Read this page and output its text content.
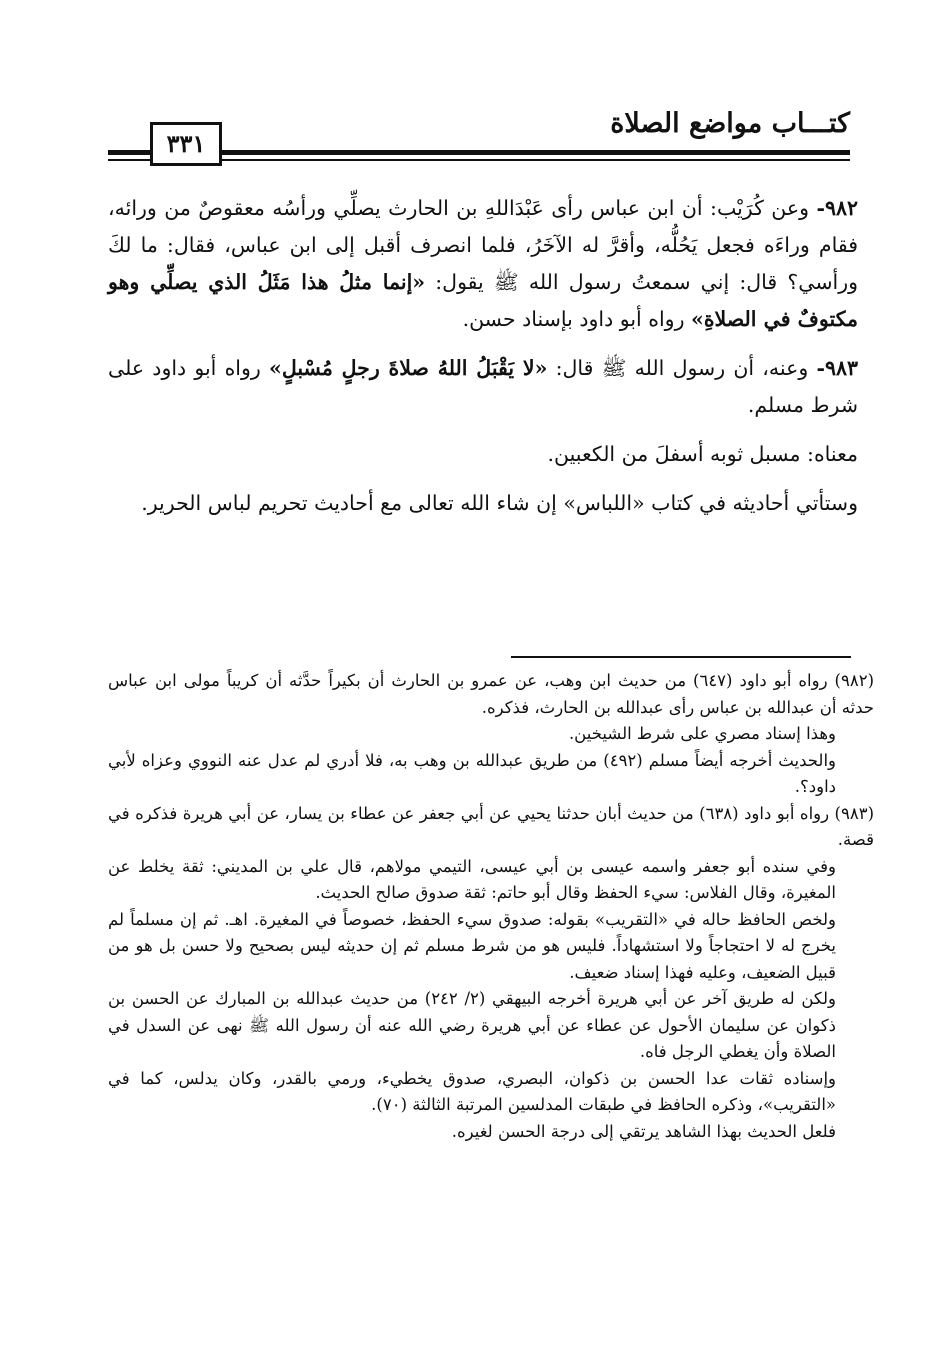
كتـــاب مواضع الصلاة
٣٣١

٩٨٢- وعن كُرَيْب: أن ابن عباس رأى عَبْدَاللهِ بن الحارث يصلِّي ورأسُه معقوصٌ من ورائه، فقام وراءَه فجعل يَحُلُّه، وأقرَّ له الآخَرُ، فلما انصرف أقبل إلى ابن عباس، فقال: ما لكَ ورأسي؟ قال: إني سمعتُ رسول الله ﷺ يقول: «إنما مثلُ هذا مَثَلُ الذي يصلِّي وهو مكتوفٌ في الصلاةِ» رواه أبو داود بإسناد حسن.

٩٨٣- وعنه، أن رسول الله ﷺ قال: «لا يَقْبَلُ اللهُ صلاةَ رجلٍ مُسْبلٍ» رواه أبو داود على شرط مسلم.

معناه: مسبل ثوبه أسفلَ من الكعبين.

وستأتي أحاديثه في كتاب «اللباس» إن شاء الله تعالى مع أحاديث تحريم لباس الحرير.

(٩٨٢) رواه أبو داود (٦٤٧) من حديث ابن وهب، عن عمرو بن الحارث أن بكيراً حدَّثه أن كريباً مولى ابن عباس حدثه أن عبدالله بن عباس رأى عبدالله بن الحارث، فذكره.

وهذا إسناد مصري على شرط الشيخين.

والحديث أخرجه أيضاً مسلم (٤٩٢) من طريق عبدالله بن وهب به، فلا أدري لم عدل عنه النووي وعزاه لأبي داود؟.

(٩٨٣) رواه أبو داود (٦٣٨) من حديث أبان حدثنا يحيي عن أبي جعفر عن عطاء بن يسار، عن أبي هريرة فذكره في قصة.

وفي سنده أبو جعفر واسمه عيسى بن أبي عيسى، التيمي مولاهم، قال علي بن المديني: ثقة يخلط عن المغيرة، وقال الفلاس: سيء الحفظ وقال أبو حاتم: ثقة صدوق صالح الحديث.

ولخص الحافظ حاله في «التقريب» بقوله: صدوق سيء الحفظ، خصوصاً في المغيرة. اهـ. ثم إن مسلماً لم يخرج له لا احتجاجاً ولا استشهاداً. فليس هو من شرط مسلم ثم إن حديثه ليس بصحيح ولا حسن بل هو من قبيل الضعيف، وعليه فهذا إسناد ضعيف.

ولكن له طريق آخر عن أبي هريرة أخرجه البيهقي (٢/ ٢٤٢) من حديث عبدالله بن المبارك عن الحسن بن ذكوان عن سليمان الأحول عن عطاء عن أبي هريرة رضي الله عنه أن رسول الله ﷺ نهى عن السدل في الصلاة وأن يغطي الرجل فاه.

وإسناده ثقات عدا الحسن بن ذكوان، البصري، صدوق يخطيء، ورمي بالقدر، وكان يدلس، كما في «التقريب»، وذكره الحافظ في طبقات المدلسين المرتبة الثالثة (٧٠).

فلعل الحديث بهذا الشاهد يرتقي إلى درجة الحسن لغيره.
